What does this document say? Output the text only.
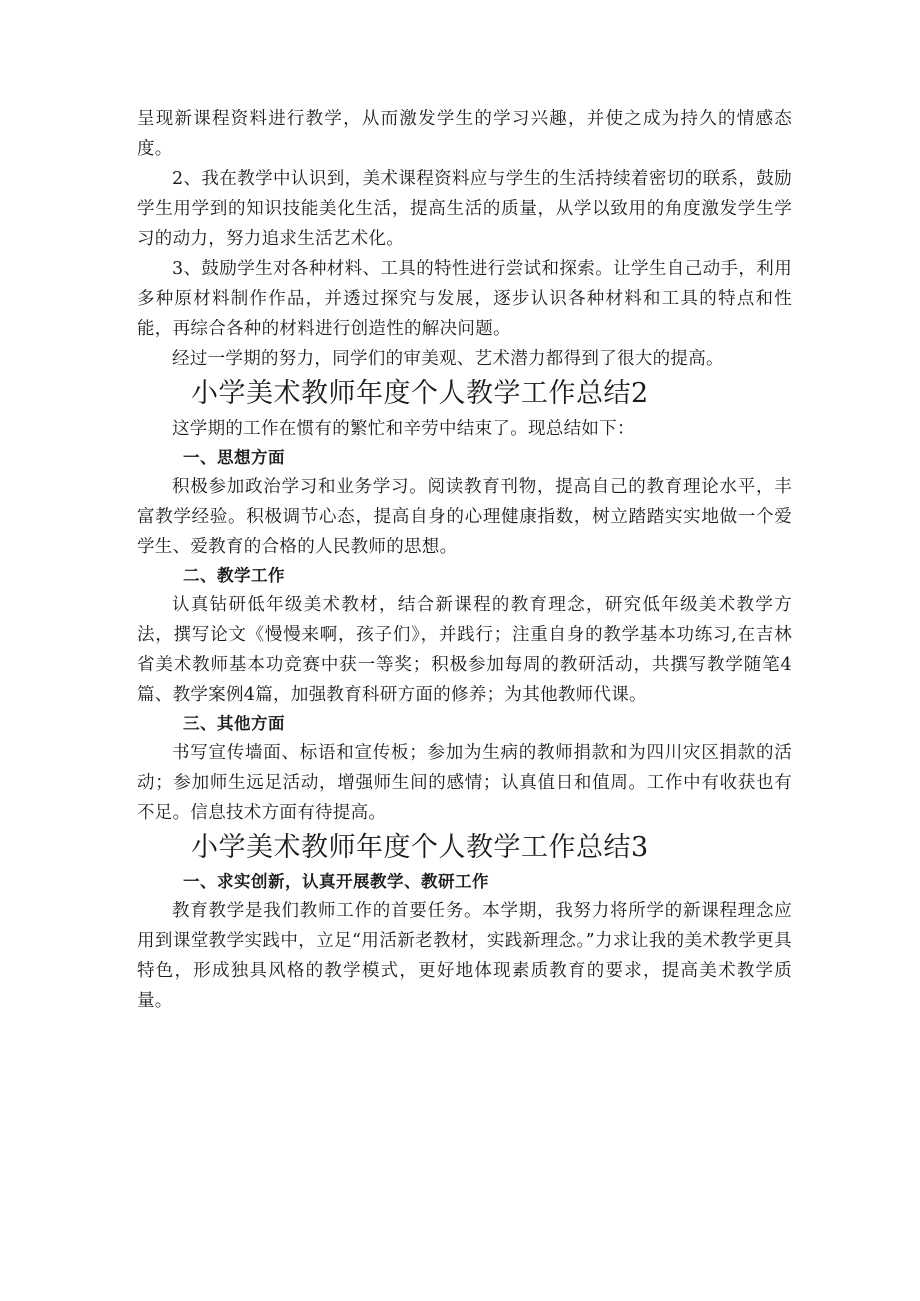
呈现新课程资料进行教学，从而激发学生的学习兴趣，并使之成为持久的情感态度。

2、我在教学中认识到，美术课程资料应与学生的生活持续着密切的联系，鼓励学生用学到的知识技能美化生活，提高生活的质量，从学以致用的角度激发学生学习的动力，努力追求生活艺术化。

3、鼓励学生对各种材料、工具的特性进行尝试和探索。让学生自己动手，利用多种原材料制作作品，并透过探究与发展，逐步认识各种材料和工具的特点和性能，再综合各种的材料进行创造性的解决问题。

经过一学期的努力，同学们的审美观、艺术潜力都得到了很大的提高。

小学美术教师年度个人教学工作总结2

这学期的工作在惯有的繁忙和辛劳中结束了。现总结如下：

一、思想方面

积极参加政治学习和业务学习。阅读教育刊物，提高自己的教育理论水平，丰富教学经验。积极调节心态，提高自身的心理健康指数，树立踏踏实实地做一个爱学生、爱教育的合格的人民教师的思想。

二、教学工作

认真钻研低年级美术教材，结合新课程的教育理念，研究低年级美术教学方法，撰写论文《慢慢来啊，孩子们》，并践行；注重自身的教学基本功练习,在吉林省美术教师基本功竞赛中获一等奖；积极参加每周的教研活动，共撰写教学随笔4篇、教学案例4篇，加强教育科研方面的修养；为其他教师代课。

三、其他方面

书写宣传墙面、标语和宣传板；参加为生病的教师捐款和为四川灾区捐款的活动；参加师生远足活动，增强师生间的感情；认真值日和值周。工作中有收获也有不足。信息技术方面有待提高。

小学美术教师年度个人教学工作总结3
一、求实创新，认真开展教学、教研工作

教育教学是我们教师工作的首要任务。本学期，我努力将所学的新课程理念应用到课堂教学实践中，立足“用活新老教材，实践新理念。”力求让我的美术教学更具特色，形成独具风格的教学模式，更好地体现素质教育的要求，提高美术教学质量。
